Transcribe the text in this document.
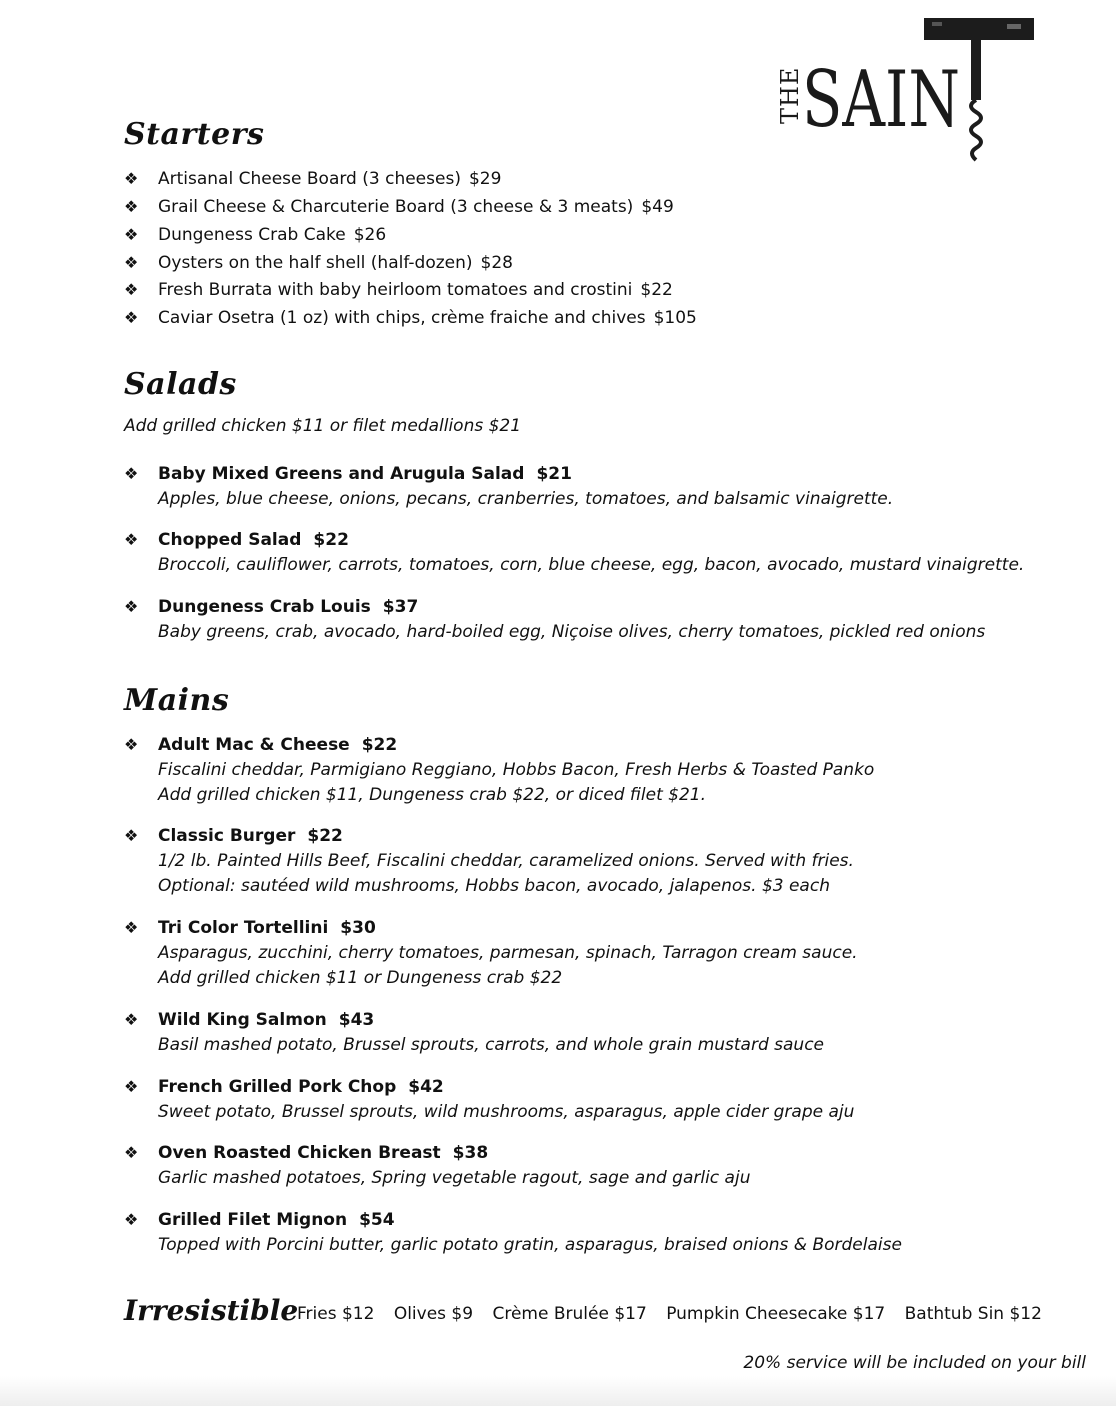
THE
SAIN
Starters
❖ Artisanal Cheese Board (3 cheeses) $29
❖ Grail Cheese & Charcuterie Board (3 cheese & 3 meats) $49
❖ Dungeness Crab Cake $26
❖ Oysters on the half shell (half-dozen) $28
❖ Fresh Burrata with baby heirloom tomatoes and crostini $22
❖ Caviar Osetra (1 oz) with chips, crème fraiche and chives $105
Salads
Add grilled chicken $11 or filet medallions $21
❖ Baby Mixed Greens and Arugula Salad $21
Apples, blue cheese, onions, pecans, cranberries, tomatoes, and balsamic vinaigrette.
❖ Chopped Salad $22
Broccoli, cauliflower, carrots, tomatoes, corn, blue cheese, egg, bacon, avocado, mustard vinaigrette.
❖ Dungeness Crab Louis $37
Baby greens, crab, avocado, hard-boiled egg, Niçoise olives, cherry tomatoes, pickled red onions
Mains
❖ Adult Mac & Cheese $22
Fiscalini cheddar, Parmigiano Reggiano, Hobbs Bacon, Fresh Herbs & Toasted Panko
Add grilled chicken $11, Dungeness crab $22, or diced filet $21.
❖ Classic Burger $22
1/2 lb. Painted Hills Beef, Fiscalini cheddar, caramelized onions. Served with fries.
Optional: sautéed wild mushrooms, Hobbs bacon, avocado, jalapenos. $3 each
❖ Tri Color Tortellini $30
Asparagus, zucchini, cherry tomatoes, parmesan, spinach, Tarragon cream sauce.
Add grilled chicken $11 or Dungeness crab $22
❖ Wild King Salmon $43
Basil mashed potato, Brussel sprouts, carrots, and whole grain mustard sauce
❖ French Grilled Pork Chop $42
Sweet potato, Brussel sprouts, wild mushrooms, asparagus, apple cider grape aju
❖ Oven Roasted Chicken Breast $38
Garlic mashed potatoes, Spring vegetable ragout, sage and garlic aju
❖ Grilled Filet Mignon $54
Topped with Porcini butter, garlic potato gratin, asparagus, braised onions & Bordelaise
Irresistible
Fries $12 Olives $9 Crème Brulée $17 Pumpkin Cheesecake $17 Bathtub Sin $12
20% service will be included on your bill
